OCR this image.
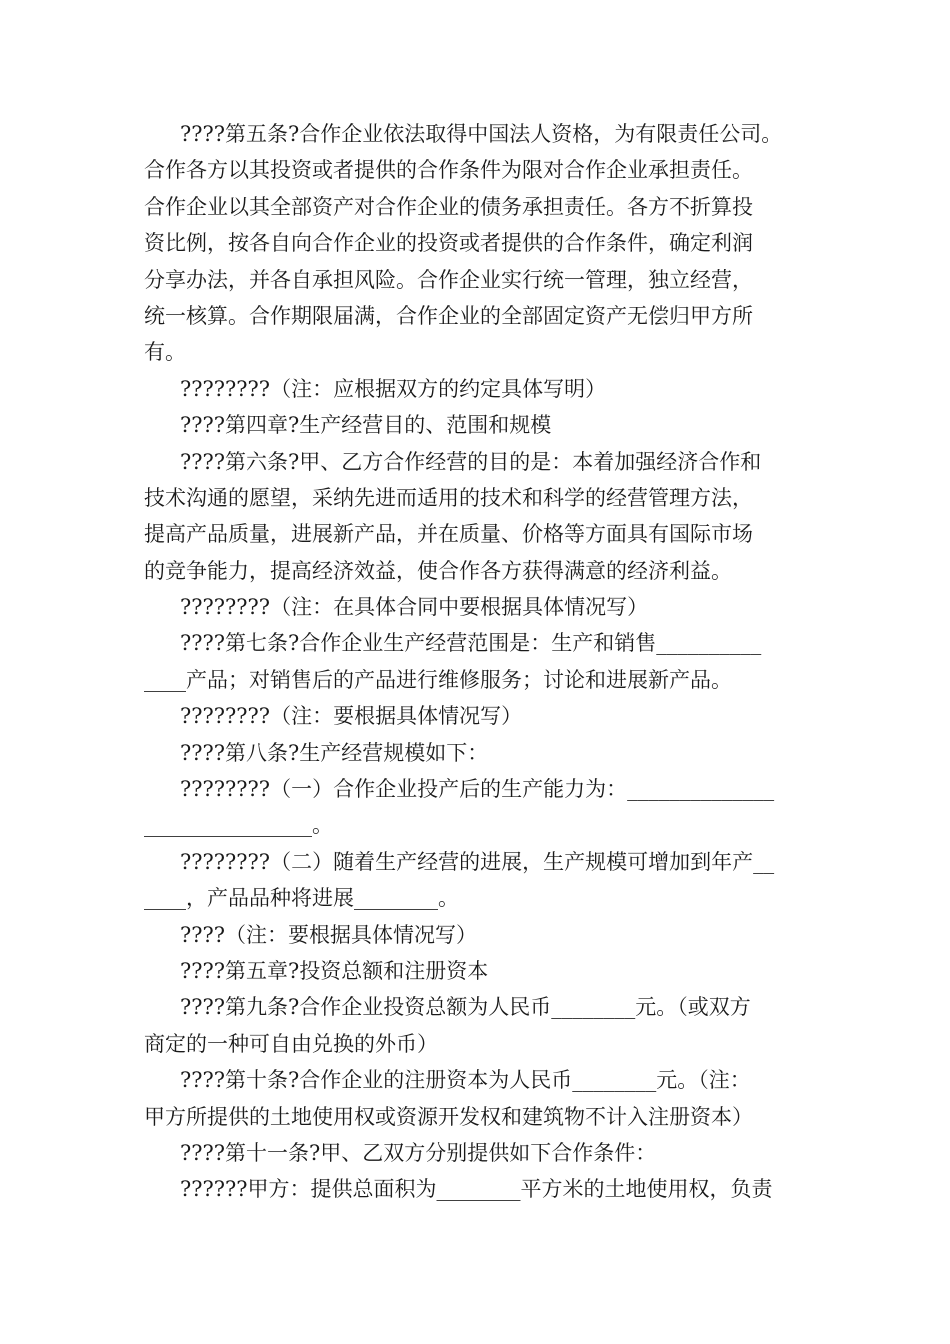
????第五条?合作企业依法取得中国法人资格，为有限责任公司。
合作各方以其投资或者提供的合作条件为限对合作企业承担责任。
合作企业以其全部资产对合作企业的债务承担责任。各方不折算投
资比例，按各自向合作企业的投资或者提供的合作条件，确定利润
分享办法，并各自承担风险。合作企业实行统一管理，独立经营，
统一核算。合作期限届满，合作企业的全部固定资产无偿归甲方所
有。
????????（注：应根据双方的约定具体写明）
????第四章?生产经营目的、范围和规模
????第六条?甲、乙方合作经营的目的是：本着加强经济合作和
技术沟通的愿望，采纳先进而适用的技术和科学的经营管理方法，
提高产品质量，进展新产品，并在质量、价格等方面具有国际市场
的竞争能力，提高经济效益，使合作各方获得满意的经济利益。
????????（注：在具体合同中要根据具体情况写）
????第七条?合作企业生产经营范围是：生产和销售__________
____产品；对销售后的产品进行维修服务；讨论和进展新产品。
????????（注：要根据具体情况写）
????第八条?生产经营规模如下：
????????（一）合作企业投产后的生产能力为：______________
________________。
????????（二）随着生产经营的进展，生产规模可增加到年产__
____，产品品种将进展________。
????（注：要根据具体情况写）
????第五章?投资总额和注册资本
????第九条?合作企业投资总额为人民币________元。（或双方
商定的一种可自由兑换的外币）
????第十条?合作企业的注册资本为人民币________元。（注：
甲方所提供的土地使用权或资源开发权和建筑物不计入注册资本）
????第十一条?甲、乙双方分别提供如下合作条件：
??????甲方：提供总面积为________平方米的土地使用权，负责
